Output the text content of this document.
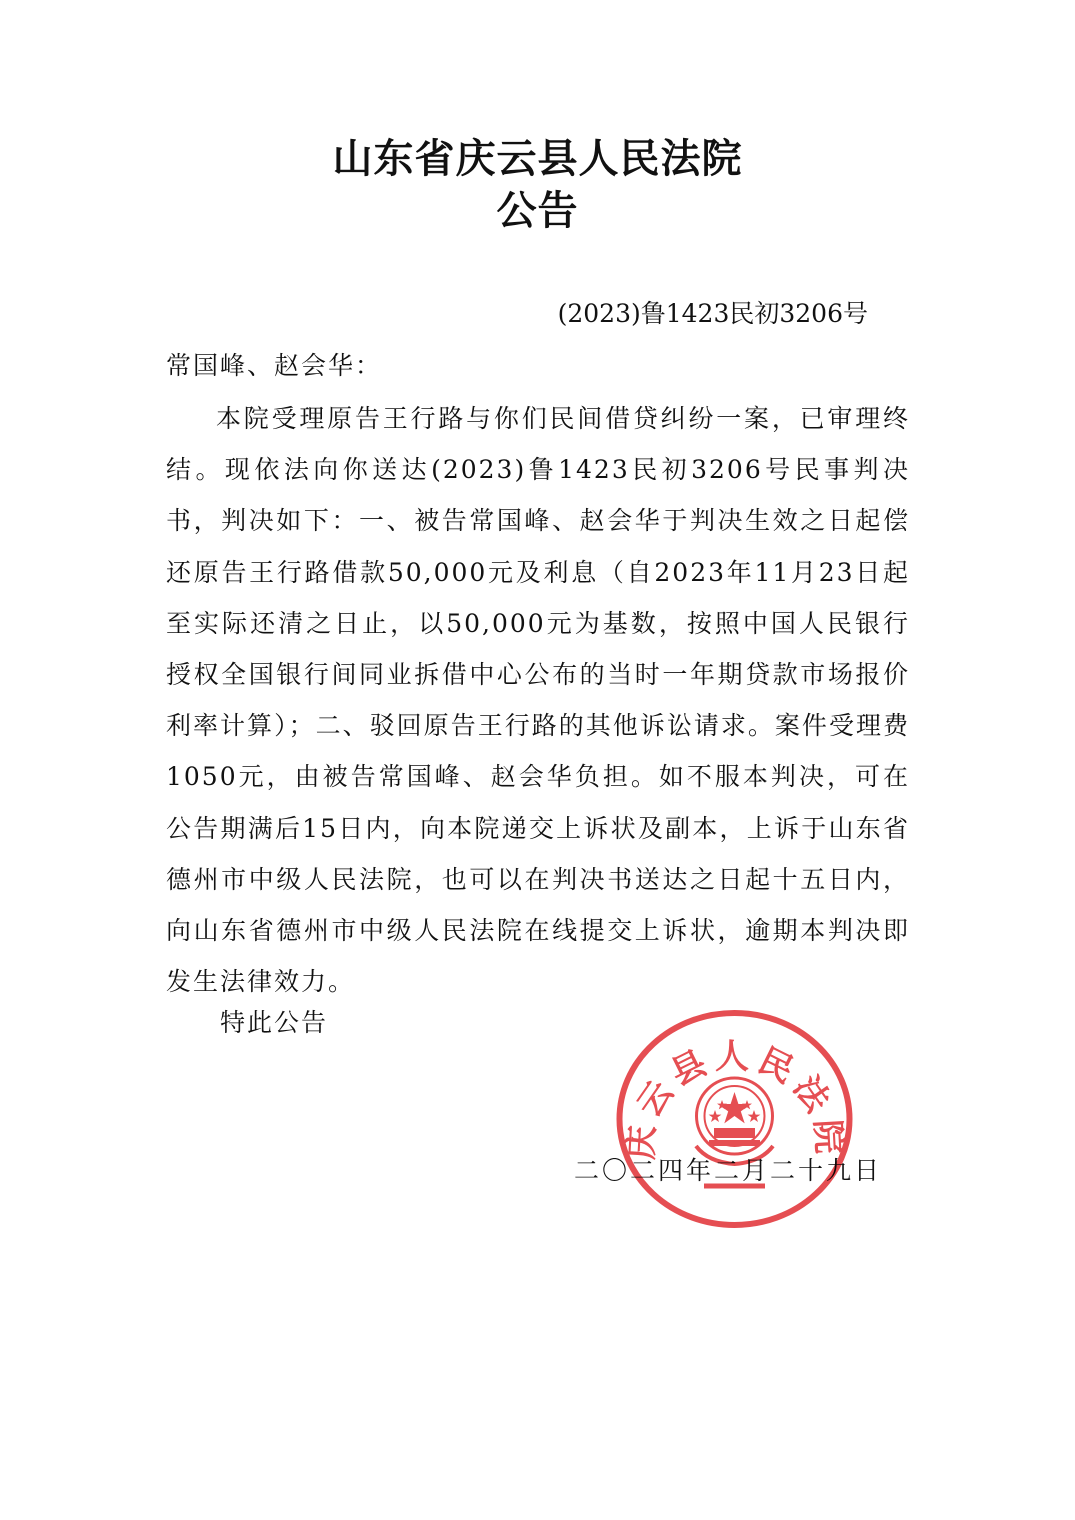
山东省庆云县人民法院
公告
(2023)鲁1423民初3206号
常国峰、赵会华：

本院受理原告王行路与你们民间借贷纠纷一案，已审理终结。现依法向你送达(2023)鲁1423民初3206号民事判决书，判决如下：一、被告常国峰、赵会华于判决生效之日起偿还原告王行路借款50,000元及利息（自2023年11月23日起至实际还清之日止，以50,000元为基数，按照中国人民银行授权全国银行间同业拆借中心公布的当时一年期贷款市场报价利率计算）；二、驳回原告王行路的其他诉讼请求。案件受理费1050元，由被告常国峰、赵会华负担。如不服本判决，可在公告期满后15日内，向本院递交上诉状及副本，上诉于山东省德州市中级人民法院，也可以在判决书送达之日起十五日内，向山东省德州市中级人民法院在线提交上诉状，逾期本判决即发生法律效力。

特此公告
二〇二四年二月二十九日
庆云县人民法院
